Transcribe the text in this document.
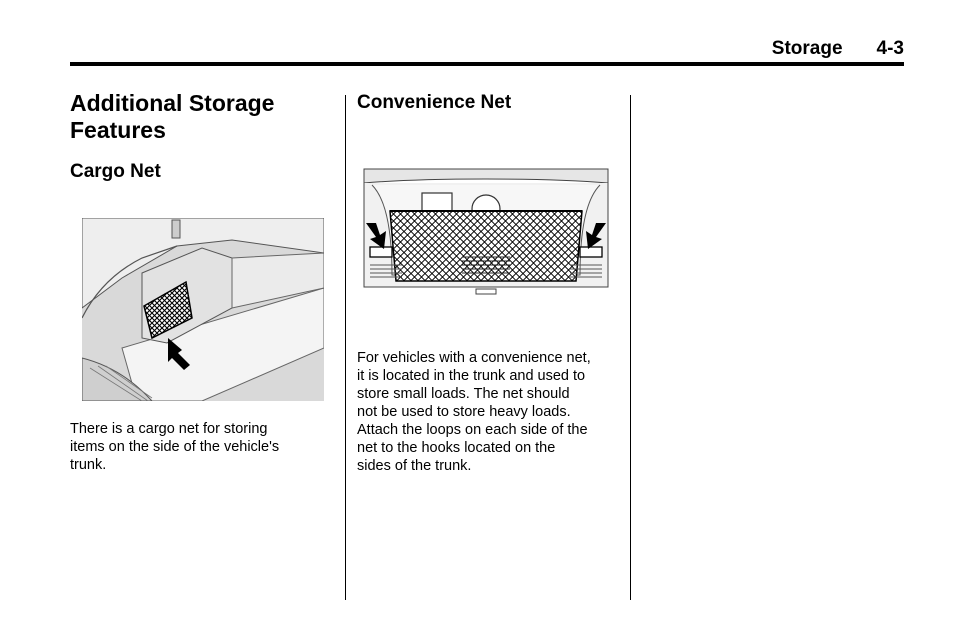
Storage 4-3
Additional Storage
Features
Cargo Net

There is a cargo net for storing
items on the side of the vehicle's
trunk.

Convenience Net

For vehicles with a convenience net,
it is located in the trunk and used to
store small loads. The net should
not be used to store heavy loads.
Attach the loops on each side of the
net to the hooks located on the
sides of the trunk.
